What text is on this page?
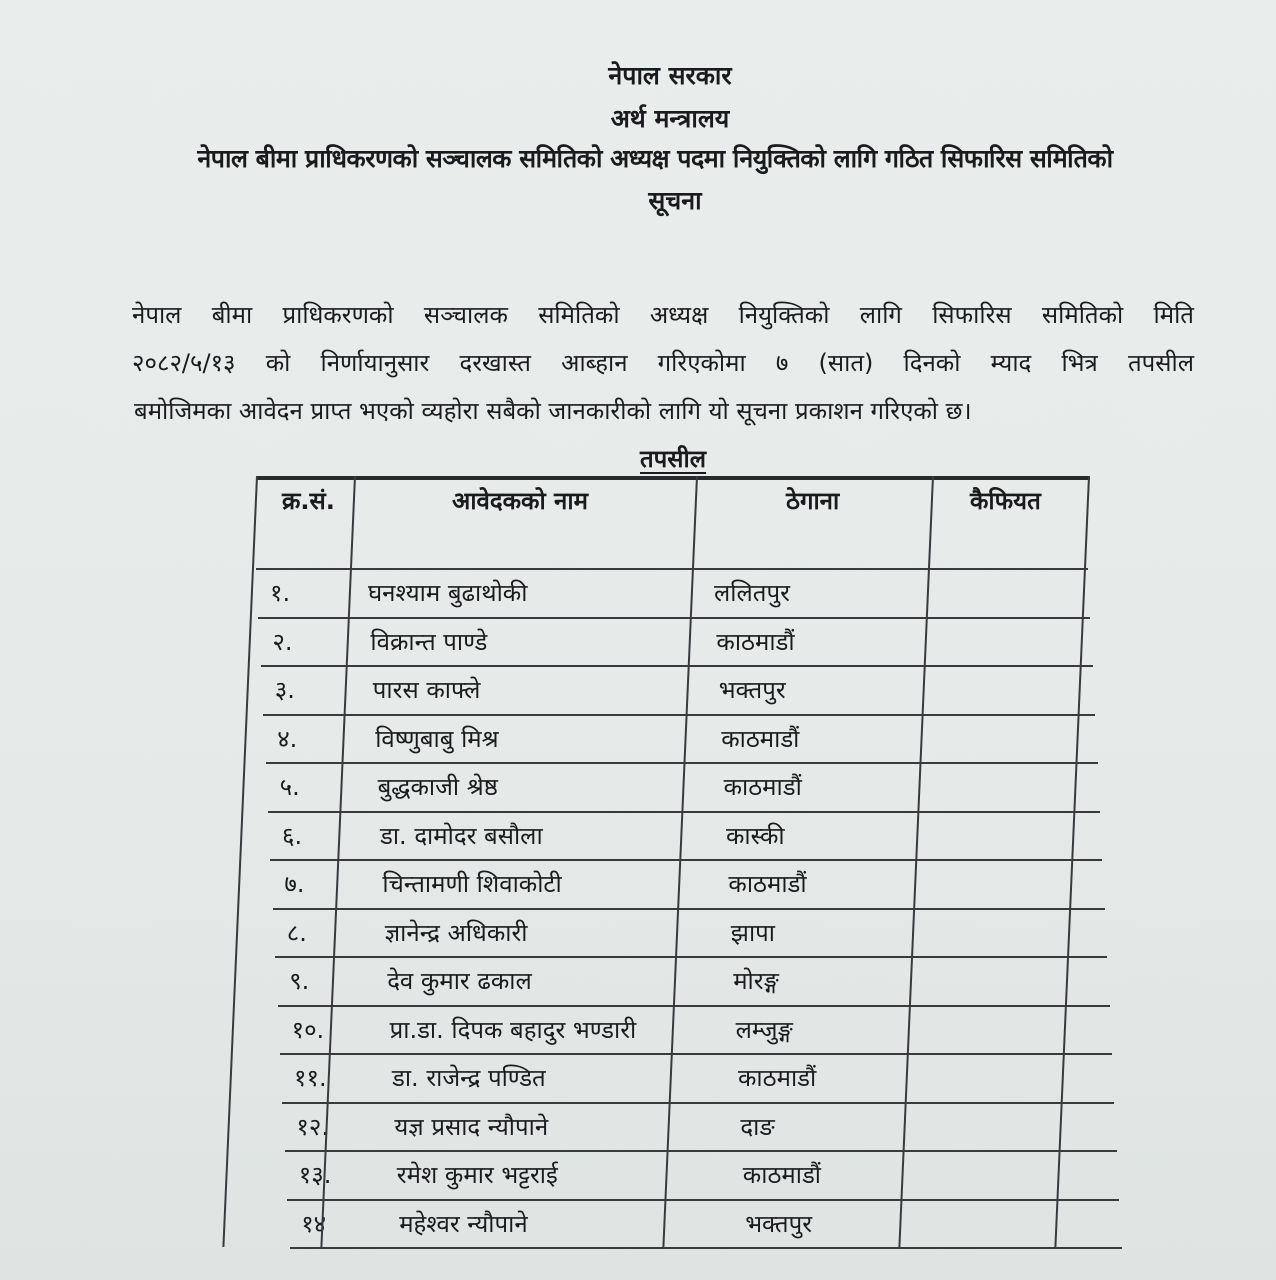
नेपाल सरकार
अर्थ मन्त्रालय
नेपाल बीमा प्राधिकरणको सञ्चालक समितिको अध्यक्ष पदमा नियुक्तिको लागि गठित सिफारिस समितिको
सूचना
नेपाल बीमा प्राधिकरणको सञ्चालक समितिको अध्यक्ष नियुक्तिको लागि सिफारिस समितिको मिति
२०८२/५/१३ को निर्णायानुसार दरखास्त आब्हान गरिएकोमा ७ (सात) दिनको म्याद भित्र तपसील
बमोजिमका आवेदन प्राप्त भएको व्यहोरा सबैको जानकारीको लागि यो सूचना प्रकाशन गरिएको छ।
तपसील
क्र.सं.	आवेदकको नाम	ठेगाना	कैफियत
१.	घनश्याम बुढाथोकी	ललितपुर
२.	विक्रान्त पाण्डे	काठमाडौं
३.	पारस काफ्ले	भक्तपुर
४.	विष्णुबाबु मिश्र	काठमाडौं
५.	बुद्धकाजी श्रेष्ठ	काठमाडौं
६.	डा. दामोदर बसौला	कास्की
७.	चिन्तामणी शिवाकोटी	काठमाडौं
८.	ज्ञानेन्द्र अधिकारी	झापा
९.	देव कुमार ढकाल	मोरङ्ग
१०.	प्रा.डा. दिपक बहादुर भण्डारी	लम्जुङ्ग
११.	डा. राजेन्द्र पण्डित	काठमाडौं
१२.	यज्ञ प्रसाद न्यौपाने	दाङ
१३.	रमेश कुमार भट्टराई	काठमाडौं
१४	महेश्वर न्यौपाने	भक्तपुर
